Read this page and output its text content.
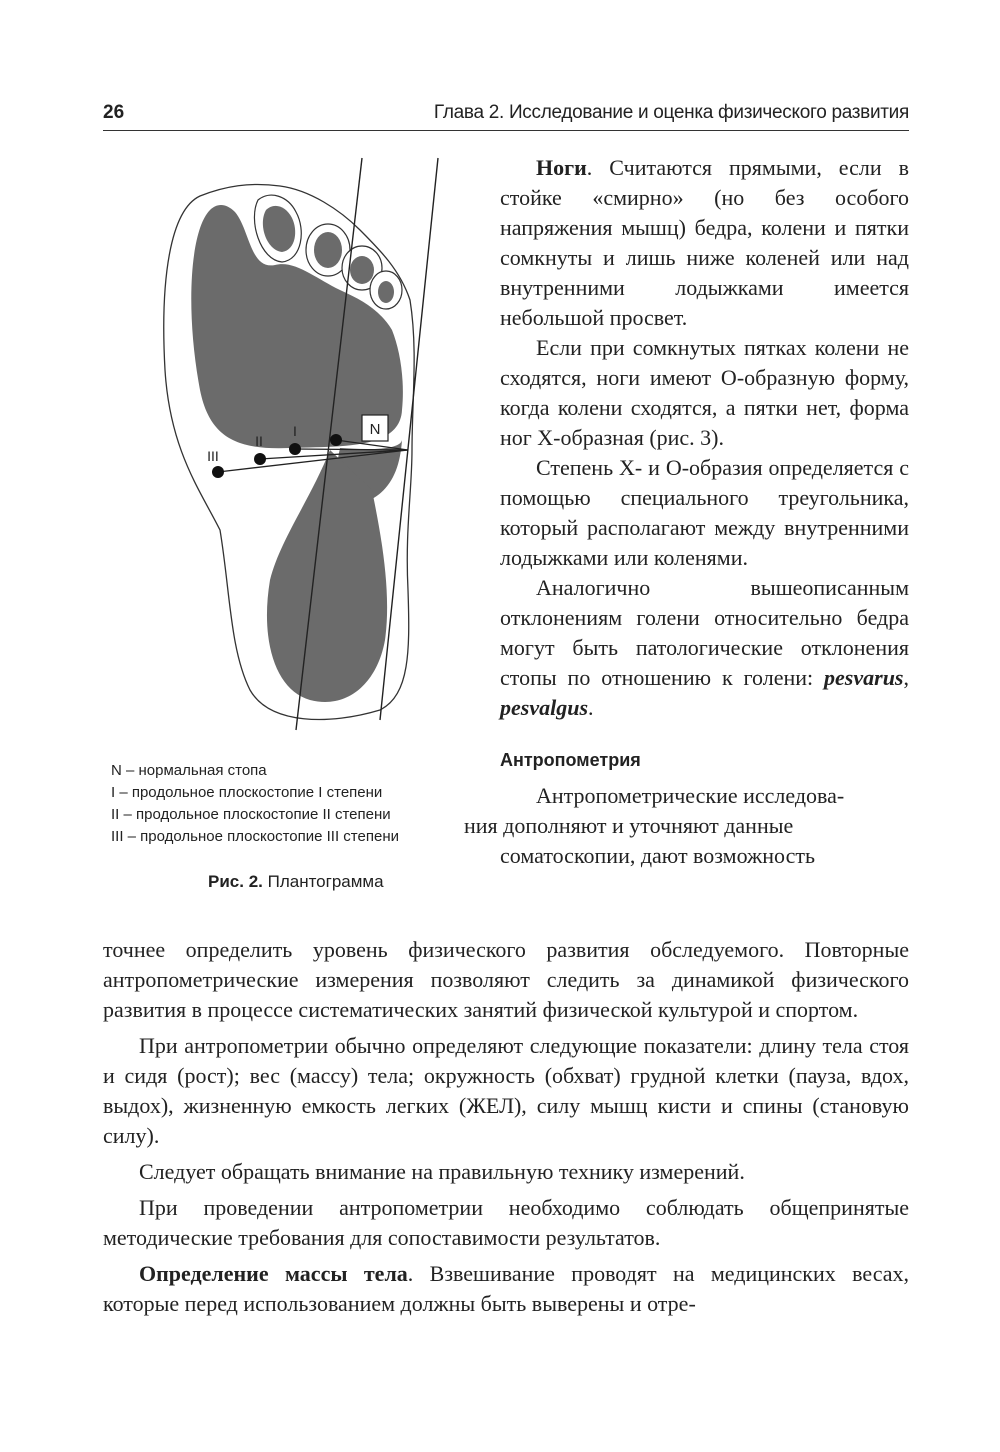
26	Глава 2. Исследование и оценка физического развития
N
I
II
III
N – нормальная стопа
I – продольное плоскостопие I степени
II – продольное плоскостопие II степени
III – продольное плоскостопие III степени
Рис. 2. Плантограмма

Ноги. Считаются прямыми, если в стойке «смирно» (но без особого напряжения мышц) бедра, колени и пятки сомкнуты и лишь ниже коленей или над внутренними лодыжками имеется небольшой просвет.

Если при сомкнутых пятках колени не сходятся, ноги имеют О-образную форму, когда колени сходятся, а пятки нет, форма ног Х-образная (рис. 3).

Степень Х- и О-образия определяется с помощью специального треугольника, который располагают между внутренними лодыжками или коленями.

Аналогично вышеописанным отклонениям голени относительно бедра могут быть патологические отклонения стопы по отношению к голени: pesvarus, pesvalgus.

Антропометрия

Антропометрические исследова-
ния дополняют и уточняют данные
соматоскопии, дают возможность

точнее определить уровень физического развития обследуемого. Повторные антропометрические измерения позволяют следить за динамикой физического развития в процессе систематических занятий физической культурой и спортом.

При антропометрии обычно определяют следующие показатели: длину тела стоя и сидя (рост); вес (массу) тела; окружность (обхват) грудной клетки (пауза, вдох, выдох), жизненную емкость легких (ЖЕЛ), силу мышц кисти и спины (становую силу).

Следует обращать внимание на правильную технику измерений.

При проведении антропометрии необходимо соблюдать общепринятые методические требования для сопоставимости результатов.

Определение массы тела. Взвешивание проводят на медицинских весах, которые перед использованием должны быть выверены и отре-
